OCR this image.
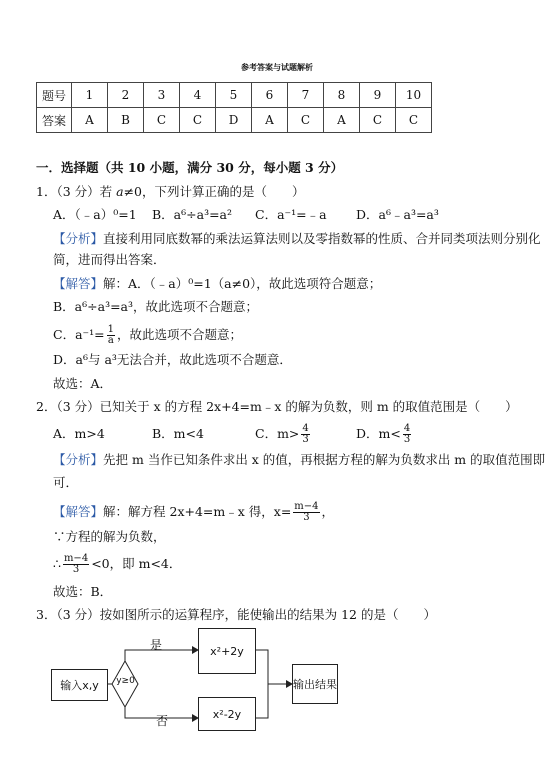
参考答案与试题解析
题号	1	2	3	4	5	6	7	8	9	10
答案	A	B	C	C	D	A	C	A	C	C
一．选择题（共 10 小题，满分 30 分，每小题 3 分）
1．（3 分）若 a≠0，下列计算正确的是（　　）
A．（﹣a）⁰=1 B．a⁶÷a³=a² C．a⁻¹=﹣a D．a⁶﹣a³=a³
【分析】直接利用同底数幂的乘法运算法则以及零指数幂的性质、合并同类项法则分别化
简，进而得出答案．
【解答】解：A．（﹣a）⁰=1（a≠0），故此选项符合题意；
B．a⁶÷a³=a³，故此选项不合题意；
C．$a^{-1}= \frac{1}{a}$ ，故此选项不合题意；
D．a⁶与 a³无法合并，故此选项不合题意．
故选：A．
2．（3 分）已知关于 x 的方程 2x+4=m﹣x 的解为负数，则 m 的取值范围是（　　）
A．m>4	B．m<4	C．$m> \frac{4}{3}$	D．$m< \frac{4}{3}$
【分析】先把 m 当作已知条件求出 x 的值，再根据方程的解为负数求出 m 的取值范围即
可．
【解答】解：解方程 2x+4=m﹣x 得，$x= \frac{m-4}{3}$ ，
∵方程的解为负数，
∴ $\frac{m-4}{3} <0$，即 m<4．
故选：B．
3．（3 分）按如图所示的运算程序，能使输出的结果为 12 的是（　　）
输入x,y	y≥0
是
否
x²+2y
x²-2y
输出结果
